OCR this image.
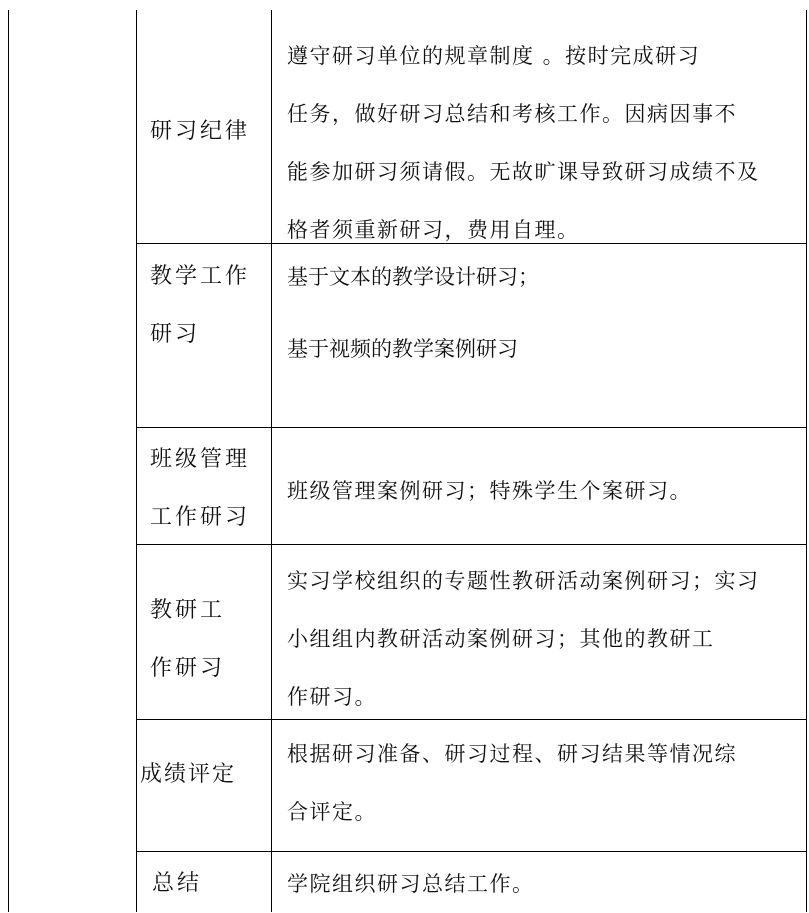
研习纪律

遵守研习单位的规章制度 。按时完成研习

任务，做好研习总结和考核工作。因病因事不

能参加研习须请假。无故旷课导致研习成绩不及

格者须重新研习，费用自理。

教学工作
研习

基于文本的教学设计研习；

基于视频的教学案例研习

班级管理
工作研习

班级管理案例研习；特殊学生个案研习。

教研工
作研习

实习学校组织的专题性教研活动案例研习；实习

小组组内教研活动案例研习；其他的教研工

作研习。

成绩评定

根据研习准备、研习过程、研习结果等情况综

合评定。

总结	学院组织研习总结工作。
